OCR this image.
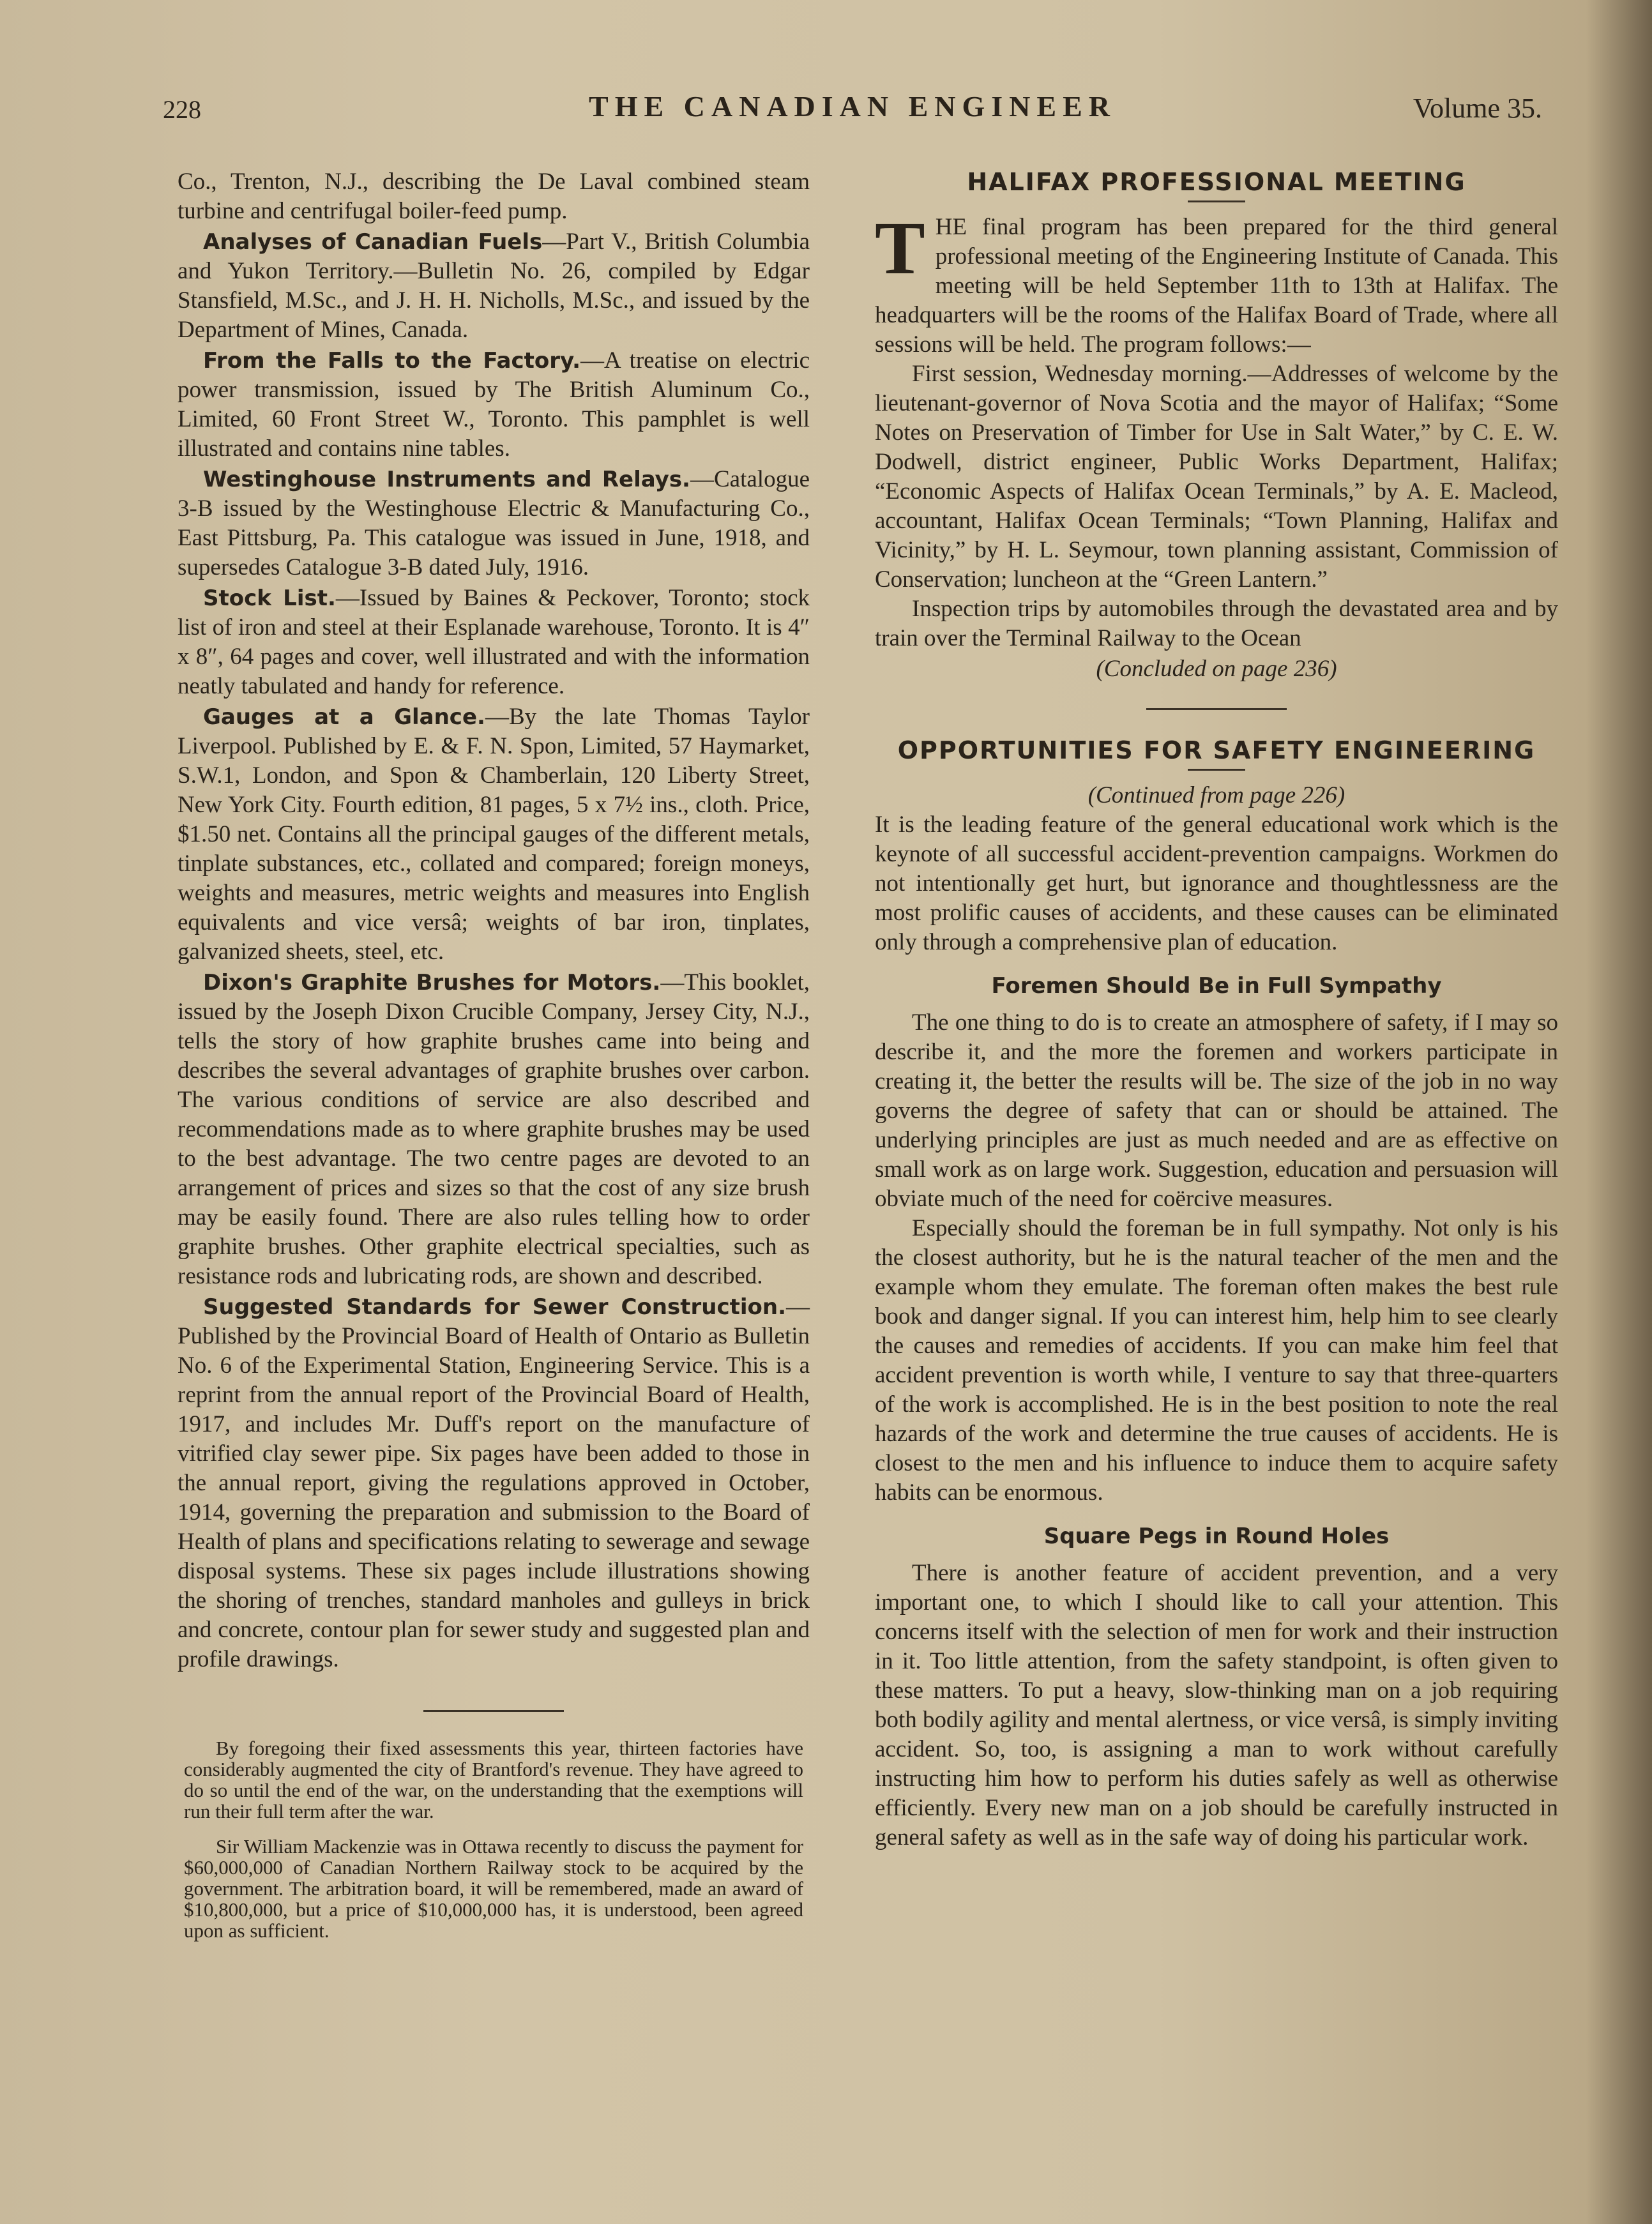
228	THE CANADIAN ENGINEER	Volume 35.

Co., Trenton, N.J., describing the De Laval combined steam turbine and centrifugal boiler-feed pump.

Analyses of Canadian Fuels—Part V., British Columbia and Yukon Territory.—Bulletin No. 26, compiled by Edgar Stansfield, M.Sc., and J. H. H. Nicholls, M.Sc., and issued by the Department of Mines, Canada.

From the Falls to the Factory.—A treatise on electric power transmission, issued by The British Aluminum Co., Limited, 60 Front Street W., Toronto. This pamphlet is well illustrated and contains nine tables.

Westinghouse Instruments and Relays.—Catalogue 3-B issued by the Westinghouse Electric & Manufacturing Co., East Pittsburg, Pa. This catalogue was issued in June, 1918, and supersedes Catalogue 3-B dated July, 1916.

Stock List.—Issued by Baines & Peckover, Toronto; stock list of iron and steel at their Esplanade warehouse, Toronto. It is 4″ x 8″, 64 pages and cover, well illustrated and with the information neatly tabulated and handy for reference.

Gauges at a Glance.—By the late Thomas Taylor Liverpool. Published by E. & F. N. Spon, Limited, 57 Haymarket, S.W.1, London, and Spon & Chamberlain, 120 Liberty Street, New York City. Fourth edition, 81 pages, 5 x 7½ ins., cloth. Price, $1.50 net. Contains all the principal gauges of the different metals, tinplate substances, etc., collated and compared; foreign moneys, weights and measures, metric weights and measures into English equivalents and vice versâ; weights of bar iron, tinplates, galvanized sheets, steel, etc.

Dixon's Graphite Brushes for Motors.—This booklet, issued by the Joseph Dixon Crucible Company, Jersey City, N.J., tells the story of how graphite brushes came into being and describes the several advantages of graphite brushes over carbon. The various conditions of service are also described and recommendations made as to where graphite brushes may be used to the best advantage. The two centre pages are devoted to an arrangement of prices and sizes so that the cost of any size brush may be easily found. There are also rules telling how to order graphite brushes. Other graphite electrical specialties, such as resistance rods and lubricating rods, are shown and described.

Suggested Standards for Sewer Construction.—Published by the Provincial Board of Health of Ontario as Bulletin No. 6 of the Experimental Station, Engineering Service. This is a reprint from the annual report of the Provincial Board of Health, 1917, and includes Mr. Duff's report on the manufacture of vitrified clay sewer pipe. Six pages have been added to those in the annual report, giving the regulations approved in October, 1914, governing the preparation and submission to the Board of Health of plans and specifications relating to sewerage and sewage disposal systems. These six pages include illustrations showing the shoring of trenches, standard manholes and gulleys in brick and concrete, contour plan for sewer study and suggested plan and profile drawings.

By foregoing their fixed assessments this year, thirteen factories have considerably augmented the city of Brantford's revenue. They have agreed to do so until the end of the war, on the understanding that the exemptions will run their full term after the war.

Sir William Mackenzie was in Ottawa recently to discuss the payment for $60,000,000 of Canadian Northern Railway stock to be acquired by the government. The arbitration board, it will be remembered, made an award of $10,800,000, but a price of $10,000,000 has, it is understood, been agreed upon as sufficient.

HALIFAX PROFESSIONAL MEETING

THE final program has been prepared for the third general professional meeting of the Engineering Institute of Canada. This meeting will be held September 11th to 13th at Halifax. The headquarters will be the rooms of the Halifax Board of Trade, where all sessions will be held. The program follows:—

First session, Wednesday morning.—Addresses of welcome by the lieutenant-governor of Nova Scotia and the mayor of Halifax; “Some Notes on Preservation of Timber for Use in Salt Water,” by C. E. W. Dodwell, district engineer, Public Works Department, Halifax; “Economic Aspects of Halifax Ocean Terminals,” by A. E. Macleod, accountant, Halifax Ocean Terminals; “Town Planning, Halifax and Vicinity,” by H. L. Seymour, town planning assistant, Commission of Conservation; luncheon at the “Green Lantern.”

Inspection trips by automobiles through the devastated area and by train over the Terminal Railway to the Ocean

(Concluded on page 236)

OPPORTUNITIES FOR SAFETY ENGINEERING

(Continued from page 226)

It is the leading feature of the general educational work which is the keynote of all successful accident-prevention campaigns. Workmen do not intentionally get hurt, but ignorance and thoughtlessness are the most prolific causes of accidents, and these causes can be eliminated only through a comprehensive plan of education.

Foremen Should Be in Full Sympathy

The one thing to do is to create an atmosphere of safety, if I may so describe it, and the more the foremen and workers participate in creating it, the better the results will be. The size of the job in no way governs the degree of safety that can or should be attained. The underlying principles are just as much needed and are as effective on small work as on large work. Suggestion, education and persuasion will obviate much of the need for coërcive measures.

Especially should the foreman be in full sympathy. Not only is his the closest authority, but he is the natural teacher of the men and the example whom they emulate. The foreman often makes the best rule book and danger signal. If you can interest him, help him to see clearly the causes and remedies of accidents. If you can make him feel that accident prevention is worth while, I venture to say that three-quarters of the work is accomplished. He is in the best position to note the real hazards of the work and determine the true causes of accidents. He is closest to the men and his influence to induce them to acquire safety habits can be enormous.

Square Pegs in Round Holes

There is another feature of accident prevention, and a very important one, to which I should like to call your attention. This concerns itself with the selection of men for work and their instruction in it. Too little attention, from the safety standpoint, is often given to these matters. To put a heavy, slow-thinking man on a job requiring both bodily agility and mental alertness, or vice versâ, is simply inviting accident. So, too, is assigning a man to work without carefully instructing him how to perform his duties safely as well as otherwise efficiently. Every new man on a job should be carefully instructed in general safety as well as in the safe way of doing his particular work.
